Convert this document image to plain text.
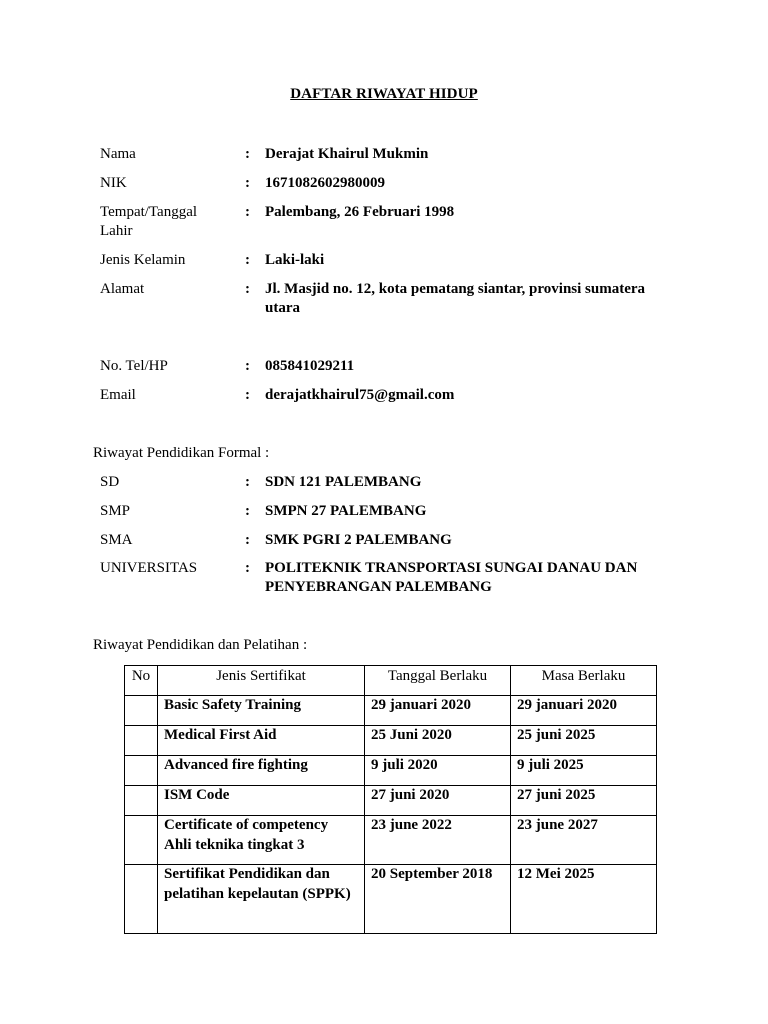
DAFTAR RIWAYAT HIDUP
Nama	: Derajat Khairul Mukmin
NIK	: 1671082602980009
Tempat/Tanggal
Lahir
: Palembang, 26 Februari 1998
Jenis Kelamin	: Laki-laki
Alamat	: Jl. Masjid no. 12, kota pematang siantar, provinsi sumatera utara
No. Tel/HP	: 085841029211
Email	: derajatkhairul75@gmail.com
Riwayat Pendidikan Formal :
SD	: SDN 121 PALEMBANG
SMP	: SMPN 27 PALEMBANG
SMA	: SMK PGRI 2 PALEMBANG
UNIVERSITAS	: POLITEKNIK TRANSPORTASI SUNGAI DANAU DAN PENYEBRANGAN PALEMBANG
Riwayat Pendidikan dan Pelatihan :
No	Jenis Sertifikat	Tanggal Berlaku	Masa Berlaku
	Basic Safety Training	29 januari 2020	29 januari 2020
	Medical First Aid	25 Juni 2020	25 juni 2025
	Advanced fire fighting	9 juli 2020	9 juli 2025
	ISM Code	27 juni 2020	27 juni 2025
	Certificate of competency Ahli teknika tingkat 3	23 june 2022	23 june 2027
	Sertifikat Pendidikan dan pelatihan kepelautan (SPPK)	20 September 2018	12 Mei 2025
